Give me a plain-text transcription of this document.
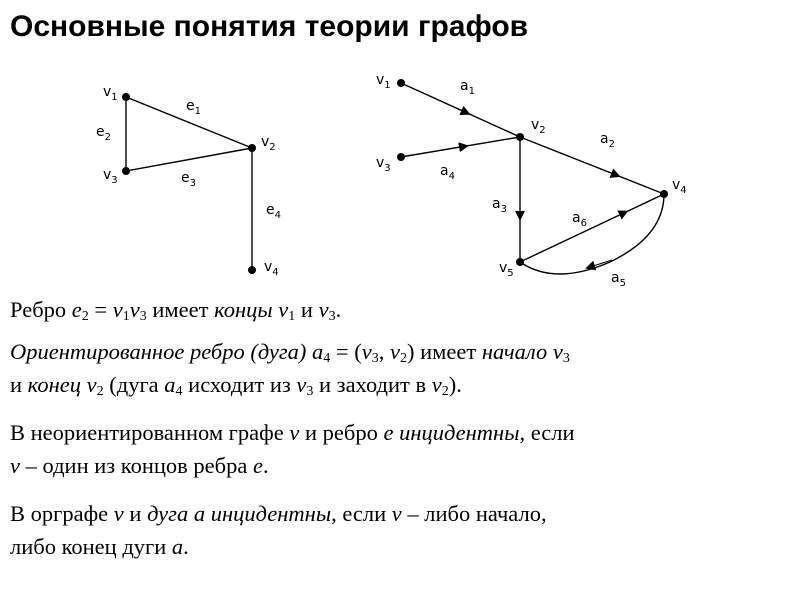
Основные понятия теории графов
$v_1$
$v_2$
$v_3$
$v_4$
$e_1$
$e_2$
$e_3$
$e_4$
$v_1$
$v_2$
$v_3$
$v_4$
$v_5$
$a_1$
$a_2$
$a_3$
$a_4$
$a_5$
$a_6$
Ребро $e_2 = v_1v_3$ имеет концы $v_1$ и $v_3$.
Ориентированное ребро (дуга) $a_4 = (v_3$, $v_2$) имеет начало $v_3$
и конец $v_2$ (дуга $a_4$ исходит из $v_3$ и заходит в $v_2$).
В неориентированном графе v и ребро e инцидентны, если
v – один из концов ребра e.
В орграфе v и дуга a инцидентны, если v – либо начало,
либо конец дуги a.
